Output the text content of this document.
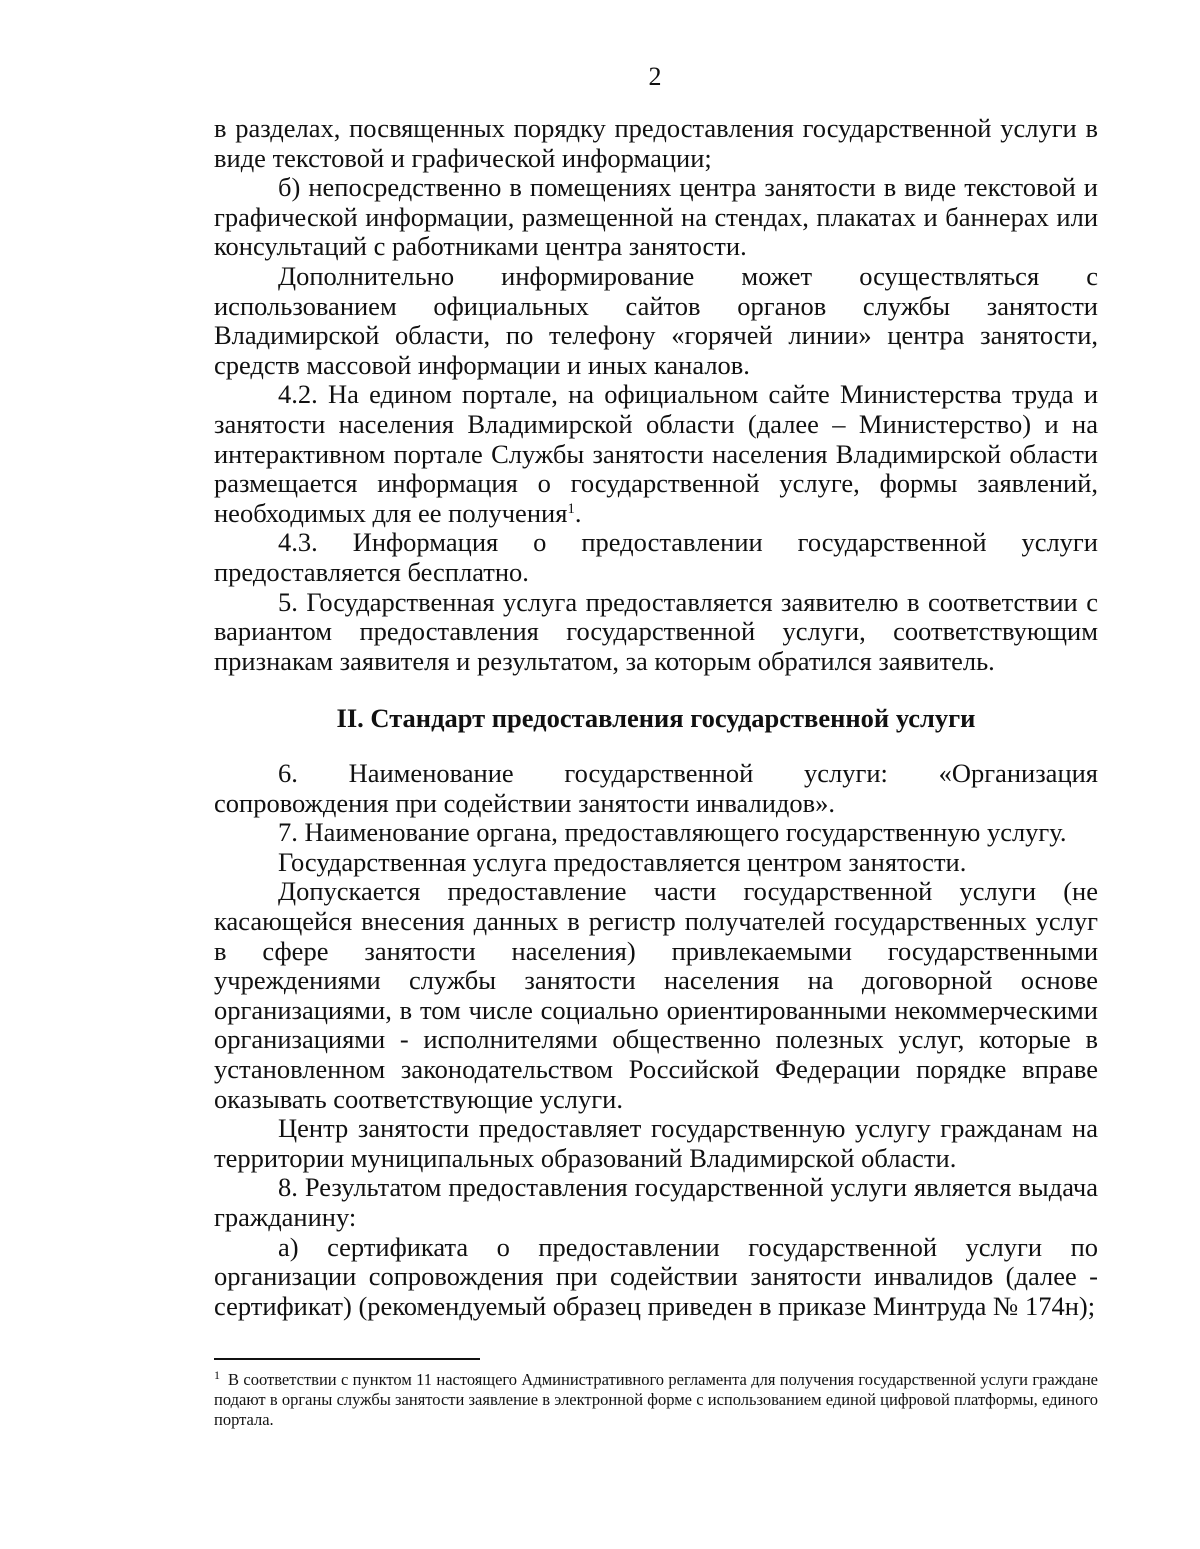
2

в разделах, посвященных порядку предоставления государственной услуги в виде текстовой и графической информации;

б) непосредственно в помещениях центра занятости в виде текстовой и графической информации, размещенной на стендах, плакатах и баннерах или консультаций с работниками центра занятости.

Дополнительно информирование может осуществляться с использованием официальных сайтов органов службы занятости Владимирской области, по телефону «горячей линии» центра занятости, средств массовой информации и иных каналов.

4.2. На едином портале, на официальном сайте Министерства труда и занятости населения Владимирской области (далее – Министерство) и на интерактивном портале Службы занятости населения Владимирской области размещается информация о государственной услуге, формы заявлений, необходимых для ее получения$^1$.

4.3. Информация о предоставлении государственной услуги предоставляется бесплатно.

5. Государственная услуга предоставляется заявителю в соответствии с вариантом предоставления государственной услуги, соответствующим признакам заявителя и результатом, за которым обратился заявитель.

II. Стандарт предоставления государственной услуги

6. Наименование государственной услуги: «Организация сопровождения при содействии занятости инвалидов».

7. Наименование органа, предоставляющего государственную услугу.

Государственная услуга предоставляется центром занятости.

Допускается предоставление части государственной услуги (не касающейся внесения данных в регистр получателей государственных услуг в сфере занятости населения) привлекаемыми государственными учреждениями службы занятости населения на договорной основе организациями, в том числе социально ориентированными некоммерческими организациями - исполнителями общественно полезных услуг, которые в установленном законодательством Российской Федерации порядке вправе оказывать соответствующие услуги.

Центр занятости предоставляет государственную услугу гражданам на территории муниципальных образований Владимирской области.

8. Результатом предоставления государственной услуги является выдача гражданину:

а) сертификата о предоставлении государственной услуги по организации сопровождения при содействии занятости инвалидов (далее - сертификат) (рекомендуемый образец приведен в приказе Минтруда № 174н);

$^1$ В соответствии с пунктом 11 настоящего Административного регламента для получения государственной услуги граждане подают в органы службы занятости заявление в электронной форме с использованием единой цифровой платформы, единого портала.
